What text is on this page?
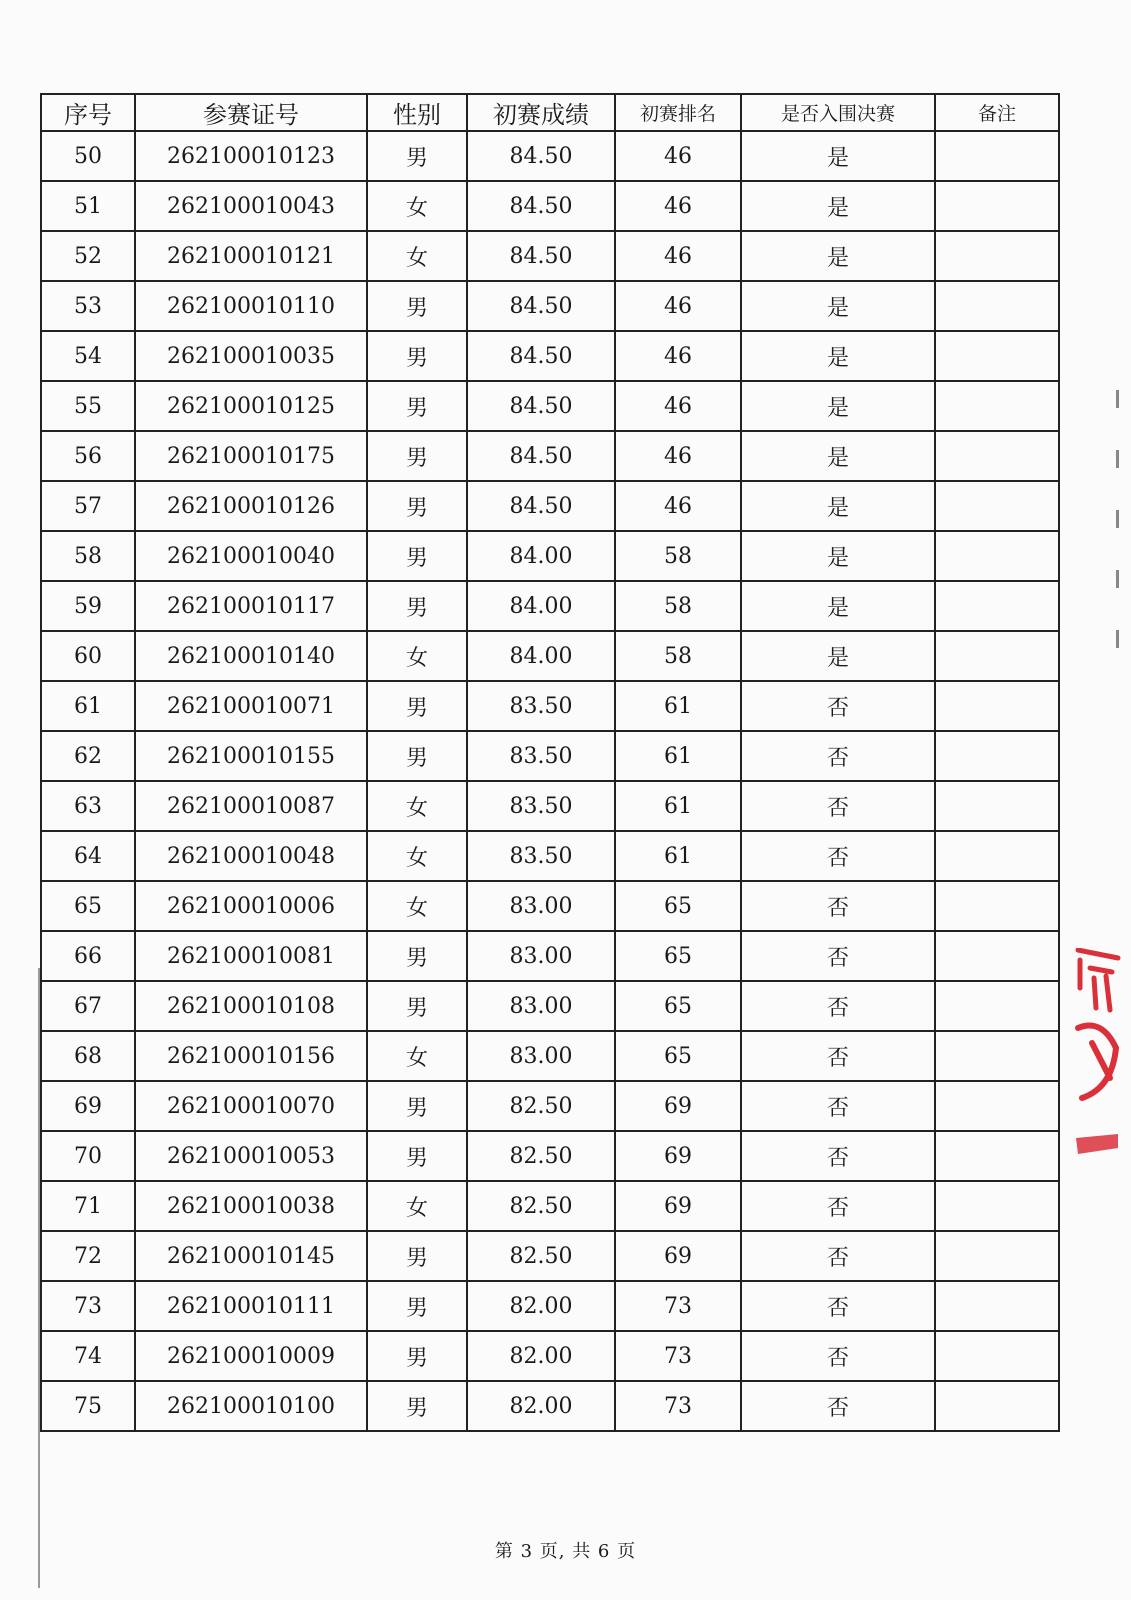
序号	参赛证号	性别	初赛成绩	初赛排名	是否入围决赛	备注
50	262100010123	男	84.50	46	是	
51	262100010043	女	84.50	46	是	
52	262100010121	女	84.50	46	是	
53	262100010110	男	84.50	46	是	
54	262100010035	男	84.50	46	是	
55	262100010125	男	84.50	46	是	
56	262100010175	男	84.50	46	是	
57	262100010126	男	84.50	46	是	
58	262100010040	男	84.00	58	是	
59	262100010117	男	84.00	58	是	
60	262100010140	女	84.00	58	是	
61	262100010071	男	83.50	61	否	
62	262100010155	男	83.50	61	否	
63	262100010087	女	83.50	61	否	
64	262100010048	女	83.50	61	否	
65	262100010006	女	83.00	65	否	
66	262100010081	男	83.00	65	否	
67	262100010108	男	83.00	65	否	
68	262100010156	女	83.00	65	否	
69	262100010070	男	82.50	69	否	
70	262100010053	男	82.50	69	否	
71	262100010038	女	82.50	69	否	
72	262100010145	男	82.50	69	否	
73	262100010111	男	82.00	73	否	
74	262100010009	男	82.00	73	否	
75	262100010100	男	82.00	73	否	
第 3 页, 共 6 页
